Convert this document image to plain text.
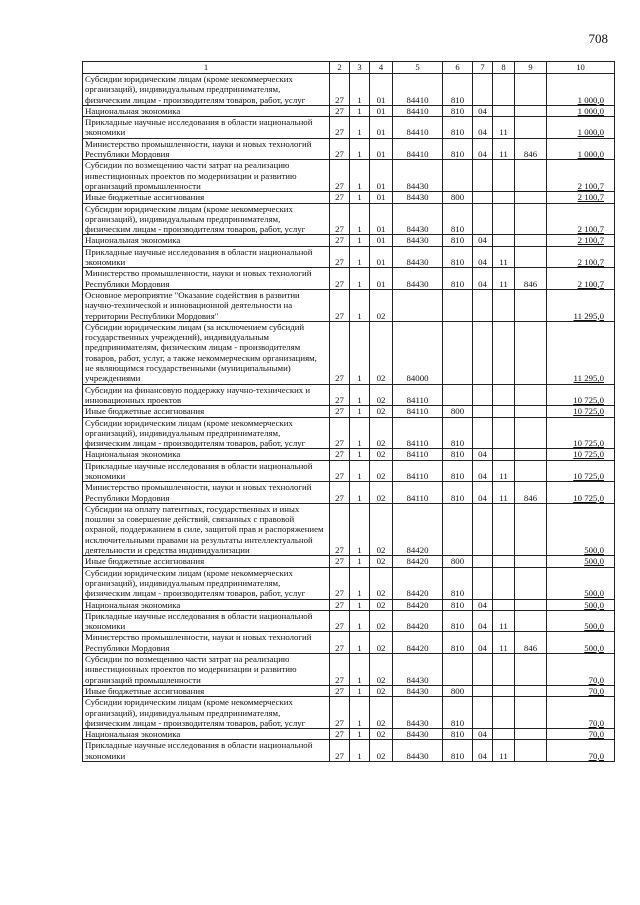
708
1	2	3	4	5	6	7	8	9	10
Субсидии юридическим лицам (кроме некоммерческих организаций), индивидуальным предпринимателям, физическим лицам - производителям товаров, работ, услуг	27	1	01	84410	810				1 000,0
Национальная экономика	27	1	01	84410	810	04			1 000,0
Прикладные научные исследования в области национальной экономики	27	1	01	84410	810	04	11		1 000,0
Министерство промышленности, науки и новых технологий Республики Мордовия	27	1	01	84410	810	04	11	846	1 000,0
Субсидии по возмещению части затрат на реализацию инвестиционных проектов по модернизации и развитию организаций промышленности	27	1	01	84430					2 100,7
Иные бюджетные ассигнования	27	1	01	84430	800				2 100,7
Субсидии юридическим лицам (кроме некоммерческих организаций), индивидуальным предпринимателям, физическим лицам - производителям товаров, работ, услуг	27	1	01	84430	810				2 100,7
Национальная экономика	27	1	01	84430	810	04			2 100,7
Прикладные научные исследования в области национальной экономики	27	1	01	84430	810	04	11		2 100,7
Министерство промышленности, науки и новых технологий Республики Мордовия	27	1	01	84430	810	04	11	846	2 100,7
Основное мероприятие "Оказание содействия в развитии научно-технической и инновационной деятельности на территории Республики Мордовия"	27	1	02						11 295,0
Субсидии юридическим лицам (за исключением субсидий государственных учреждений), индивидуальным предпринимателям, физическим лицам - производителям товаров, работ, услуг, а также некоммерческим организациям, не являющимся государственными (муниципальными) учреждениями	27	1	02	84000					11 295,0
Субсидии на финансовую поддержку научно-технических и инновационных проектов	27	1	02	84110					10 725,0
Иные бюджетные ассигнования	27	1	02	84110	800				10 725,0
Субсидии юридическим лицам (кроме некоммерческих организаций), индивидуальным предпринимателям, физическим лицам - производителям товаров, работ, услуг	27	1	02	84110	810				10 725,0
Национальная экономика	27	1	02	84110	810	04			10 725,0
Прикладные научные исследования в области национальной экономики	27	1	02	84110	810	04	11		10 725,0
Министерство промышленности, науки и новых технологий Республики Мордовия	27	1	02	84110	810	04	11	846	10 725,0
Субсидии на оплату патентных, государственных и иных пошлин за совершение действий, связанных с правовой охраной, поддержанием в силе, защитой прав и распоряжением исключительными правами на результаты интеллектуальной деятельности и средства индивидуализации	27	1	02	84420					500,0
Иные бюджетные ассигнования	27	1	02	84420	800				500,0
Субсидии юридическим лицам (кроме некоммерческих организаций), индивидуальным предпринимателям, физическим лицам - производителям товаров, работ, услуг	27	1	02	84420	810				500,0
Национальная экономика	27	1	02	84420	810	04			500,0
Прикладные научные исследования в области национальной экономики	27	1	02	84420	810	04	11		500,0
Министерство промышленности, науки и новых технологий Республики Мордовия	27	1	02	84420	810	04	11	846	500,0
Субсидии по возмещению части затрат на реализацию инвестиционных проектов по модернизации и развитию организаций промышленности	27	1	02	84430					70,0
Иные бюджетные ассигнования	27	1	02	84430	800				70,0
Субсидии юридическим лицам (кроме некоммерческих организаций), индивидуальным предпринимателям, физическим лицам - производителям товаров, работ, услуг	27	1	02	84430	810				70,0
Национальная экономика	27	1	02	84430	810	04			70,0
Прикладные научные исследования в области национальной экономики	27	1	02	84430	810	04	11		70,0
